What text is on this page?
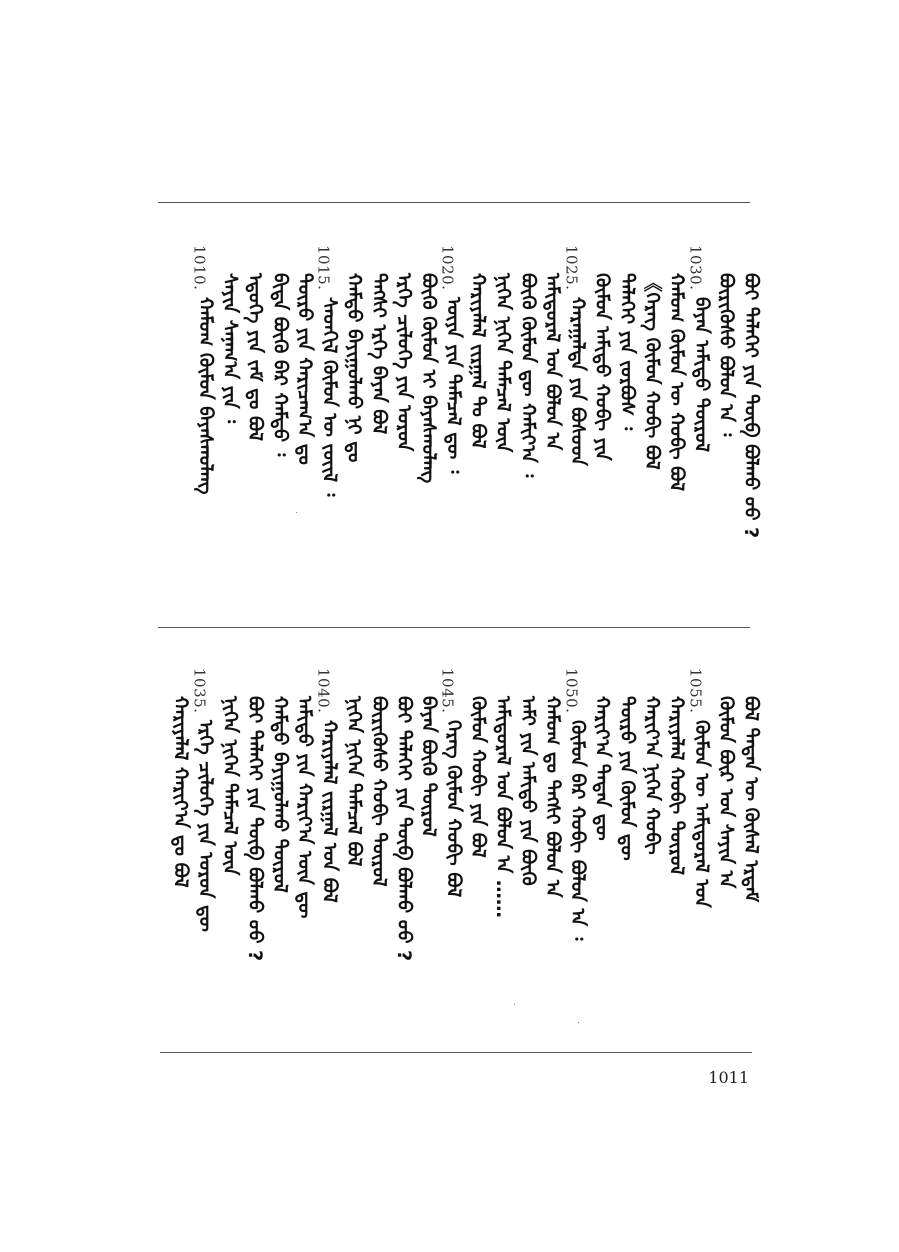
ᠪᠣᠢ ᠳᠡᠯᠡᠬᠡᠢ ᠶᠢᠨ ᠲᠥᠪ ᠪᠣᠯᠬᠤ ᠤᠤ ?
ᠪᠦᠷᠢᠭᠦᠰᠦ ᠪᠣᠯᠤᠨ ᠠ ᠄
ᠪᠠᠶᠠᠨ ᠠᠮᠢᠳᠤ ᠲᠥᠷᠥᠯ
ᠬᠠᠮᠤᠭ ᠬᠦᠮᠦᠨ ᠦ ᠬᠤᠪᠢ ᠪᠣᠯ
《ᠬᠡᠷᠡᠭ ᠬᠦᠮᠦᠨ ᠬᠤᠪᠢ ᠪᠣᠯ
ᠳᠡᠯᠡᠬᠡᠢ ᠶᠢᠨ ᠵᠤᠷᠪᠤᠰ ᠄
ᠬᠦᠮᠦᠨ ᠠᠮᠢᠳᠤ ᠬᠤᠪᠢ ᠶᠢᠨ
ᠬᠠᠷᠠᠭᠠᠯᠲᠠ ᠶᠢᠨ ᠪᠤᠰᠤᠳ
ᠠᠮᠢᠳᠤᠷᠠᠯ ᠤᠨ ᠪᠣᠯᠤᠨ ᠠ
ᠪᠦᠬᠦ ᠬᠦᠮᠦᠨ ᠳᠦ ᠬᠠᠮᠢᠶ᠎ᠠ ᠄
ᠨᠢᠭᠡᠨ ᠨᠢᠭᠡᠨ ᠲᠡᠮᠡᠴᠡᠯ ᠦᠨ
ᠬᠠᠷᠢᠶᠠᠯᠠᠯ ᠵᠢᠷᠭᠠᠯ ᠲᠤ ᠪᠣᠯ
ᠦᠶᠡ ᠶᠢᠨ ᠲᠡᠮᠡᠴᠡᠯ ᠳᠦ ᠄
ᠪᠦᠬᠦ ᠬᠦᠮᠦᠨ ᠢ ᠪᠠᠶᠠᠰᠬᠤᠯᠠᠩ
ᠡᠷᠬᠡ ᠴᠢᠯᠦᠭᠡ ᠶᠢᠨ ᠤᠷᠤᠨ
ᠲᠡᠭᠰᠢ ᠡᠷᠬᠡ ᠪᠠᠶᠠᠨ ᠪᠣᠯ
ᠬᠠᠮᠲᠤ ᠪᠠᠶᠢᠭᠤᠯᠬᠤ ᠨᠢ ᠳᠤ
ᠰᠡᠳᠬᠢᠯ ᠬᠦᠮᠦᠨ ᠦ ᠵᠦᠢᠯ ᠄
ᠲᠥᠷᠥ ᠶᠢᠨ ᠬᠠᠷᠢᠴᠠᠭ᠎ᠠ ᠳᠤ
ᠪᠢᠳᠡ ᠪᠦᠬᠦ ᠪᠡᠷ ᠬᠠᠮᠲᠤ ᠄
ᠡᠳᠦᠭᠡ ᠶᠢᠨ ᠵᠠᠮ ᠳᠤ ᠪᠣᠯ
ᠰᠠᠶᠢᠨ ᠰᠠᠨᠠᠭ᠎ᠠ ᠶᠢᠨ ᠄
ᠬᠠᠮᠤᠭ ᠬᠦᠮᠦᠨ ᠪᠠᠶᠠᠰᠬᠤᠯᠠᠩ
1030.
1025.
1020.
1015.
1010.
ᠪᠣᠯ ᠲᠡᠳᠡᠨ ᠦ ᠬᠦᠰᠡᠯ ᠡᠷᠳᠡᠮ
ᠬᠦᠮᠦᠨ ᠪᠦᠷ ᠤᠨ ᠰᠠᠶᠢᠨ ᠠ
ᠬᠦᠮᠦᠨ ᠦ ᠠᠮᠢᠳᠤᠷᠠᠯ ᠤᠨ
ᠬᠠᠷᠢᠶᠠᠯᠠᠯ ᠬᠤᠪᠢ ᠲᠥᠷᠥᠯ
ᠬᠠᠷᠢᠶ᠎ᠠ ᠨᠢᠭᠡᠨ ᠬᠤᠪᠢ
ᠲᠥᠷᠥ ᠶᠢᠨ ᠬᠦᠮᠦᠨ ᠳᠦ
ᠬᠠᠷᠢᠶ᠎ᠠ ᠲᠡᠳᠡᠨ ᠳᠦ
ᠬᠦᠮᠦᠨ ᠪᠡᠷ ᠬᠤᠪᠢ ᠪᠣᠯᠤᠨ ᠠ ᠄
ᠬᠠᠮᠤᠭ ᠳᠤ ᠲᠡᠭᠰᠢ ᠪᠣᠯᠤᠨ ᠠ
ᠠᠮᠢ ᠶᠢᠨ ᠠᠮᠢᠳᠤ ᠶᠢᠨ ᠪᠦᠬᠦ
ᠠᠮᠢᠳᠤᠷᠠᠯ ᠤᠨ ᠪᠣᠯᠤᠨ ᠠ ……
ᠬᠦᠮᠦᠨ ᠬᠤᠪᠢ ᠶᠢᠨ ᠪᠣᠯ
ᠬᠡᠷᠡᠭ ᠬᠦᠮᠦᠨ ᠬᠤᠪᠢ ᠪᠣᠯ
ᠪᠠᠶᠠᠨ ᠪᠦᠬᠦ ᠲᠥᠷᠥᠯ
ᠪᠣᠢ ᠳᠡᠯᠡᠬᠡᠢ ᠶᠢᠨ ᠲᠥᠪ ᠪᠣᠯᠬᠤ ᠤᠤ ?
ᠪᠦᠷᠢᠭᠦᠰᠦ ᠬᠤᠪᠢ ᠲᠥᠷᠥᠯ
ᠨᠢᠭᠡᠨ ᠨᠢᠭᠡᠨ ᠲᠡᠮᠡᠴᠡᠯ ᠪᠣᠯ
ᠬᠠᠷᠢᠶᠠᠯᠠᠯ ᠵᠢᠷᠭᠠᠯ ᠤᠨ ᠪᠣᠯ
ᠠᠮᠢᠳᠤ ᠶᠢᠨ ᠬᠠᠷᠢᠶ᠎ᠠ ᠦᠨ ᠳᠦ
ᠬᠠᠮᠲᠤ ᠪᠠᠶᠢᠭᠤᠯᠬᠤ ᠲᠥᠷᠥᠯ
ᠪᠣᠢ ᠳᠡᠯᠡᠬᠡᠢ ᠶᠢᠨ ᠲᠥᠪ ᠪᠣᠯᠬᠤ ᠤᠤ ?
ᠨᠢᠭᠡᠨ ᠨᠢᠭᠡᠨ ᠲᠡᠮᠡᠴᠡᠯ ᠦᠨ
ᠡᠷᠬᠡ ᠴᠢᠯᠦᠭᠡ ᠶᠢᠨ ᠤᠷᠤᠨ ᠳᠦ
ᠬᠠᠷᠢᠶᠠᠯᠠᠯ ᠬᠠᠷᠢᠶ᠎ᠠ ᠳᠤ ᠪᠣᠯ
1055.
1050.
1045.
1040.
1035.
1011
